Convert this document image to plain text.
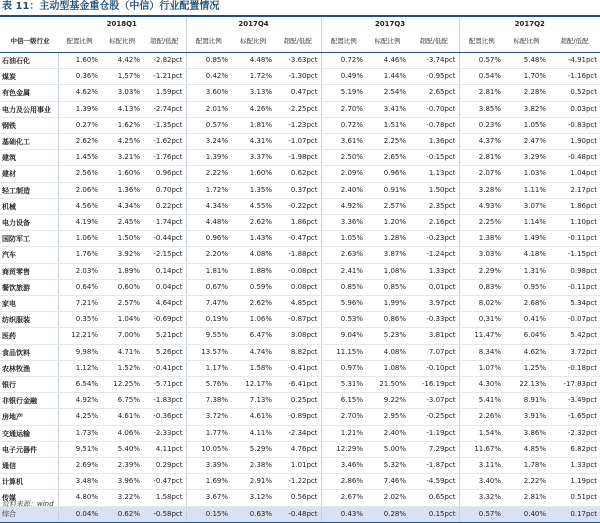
表 11：主动型基金重仓股（中信）行业配置情况
	2018Q1			2017Q4			2017Q3			2017Q2		
中信一级行业	配置比例	标配比例	超配/低配	配置比例	标配比例	超配/低配	配置比例	标配比例	超配/低配	配置比例	标配比例	超配/低配
石油石化	1.60%	4.42%	-2.82pct	0.85%	4.48%	-3.63pct	0.72%	4.46%	-3.74pct	0.57%	5.48%	-4.91pct
煤炭	0.36%	1.57%	-1.21pct	0.42%	1.72%	-1.30pct	0.49%	1.44%	-0.95pct	0.54%	1.70%	-1.16pct
有色金属	4.62%	3.03%	1.59pct	3.60%	3.13%	0.47pct	5.19%	2.54%	2.65pct	2.81%	2.28%	0.52pct
电力及公用事业	1.39%	4.13%	-2.74pct	2.01%	4.26%	-2.25pct	2.70%	3.41%	-0.70pct	3.85%	3.82%	0.03pct
钢铁	0.27%	1.62%	-1.35pct	0.57%	1.81%	-1.23pct	0.72%	1.51%	-0.78pct	0.23%	1.05%	-0.83pct
基础化工	2.62%	4.25%	-1.62pct	3.24%	4.31%	-1.07pct	3.61%	2.25%	1.36pct	4.37%	2.47%	1.90pct
建筑	1.45%	3.21%	-1.76pct	1.39%	3.37%	-1.98pct	2.50%	2.65%	-0.15pct	2.81%	3.29%	-0.48pct
建材	2.56%	1.60%	0.96pct	2.22%	1.60%	0.62pct	2.09%	0.96%	1.13pct	2.07%	1.03%	1.04pct
轻工制造	2.06%	1.36%	0.70pct	1.72%	1.35%	0.37pct	2.40%	0.91%	1.50pct	3.28%	1.11%	2.17pct
机械	4.56%	4.34%	0.22pct	4.34%	4.55%	-0.22pct	4.92%	2.57%	2.35pct	4.93%	3.07%	1.86pct
电力设备	4.19%	2.45%	1.74pct	4.48%	2.62%	1.86pct	3.36%	1.20%	2.16pct	2.25%	1.14%	1.10pct
国防军工	1.06%	1.50%	-0.44pct	0.96%	1.43%	-0.47pct	1.05%	1.28%	-0.23pct	1.38%	1.49%	-0.11pct
汽车	1.76%	3.92%	-2.15pct	2.20%	4.08%	-1.88pct	2.63%	3.87%	-1.24pct	3.03%	4.18%	-1.15pct
商贸零售	2.03%	1.89%	0.14pct	1.81%	1.88%	-0.08pct	2.41%	1.08%	1.33pct	2.29%	1.31%	0.98pct
餐饮旅游	0.64%	0.60%	0.04pct	0.67%	0.59%	0.08pct	0.85%	0.85%	0.01pct	0.83%	0.95%	-0.11pct
家电	7.21%	2.57%	4.64pct	7.47%	2.62%	4.85pct	5.96%	1.99%	3.97pct	8.02%	2.68%	5.34pct
纺织服装	0.35%	1.04%	-0.69pct	0.19%	1.06%	-0.87pct	0.53%	0.86%	-0.33pct	0.31%	0.41%	-0.07pct
医药	12.21%	7.00%	5.21pct	9.55%	6.47%	3.08pct	9.04%	5.23%	3.81pct	11.47%	6.04%	5.42pct
食品饮料	9.98%	4.71%	5.26pct	13.57%	4.74%	8.82pct	11.15%	4.08%	7.07pct	8.34%	4.62%	3.72pct
农林牧渔	1.12%	1.52%	-0.41pct	1.17%	1.58%	-0.41pct	0.97%	1.08%	-0.10pct	1.07%	1.25%	-0.18pct
银行	6.54%	12.25%	-5.71pct	5.76%	12.17%	-6.41pct	5.31%	21.50%	-16.19pct	4.30%	22.13%	-17.83pct
非银行金融	4.92%	6.75%	-1.83pct	7.38%	7.13%	0.25pct	6.15%	9.22%	-3.07pct	5.41%	8.91%	-3.49pct
房地产	4.25%	4.61%	-0.36pct	3.72%	4.61%	-0.89pct	2.70%	2.95%	-0.25pct	2.26%	3.91%	-1.65pct
交通运输	1.73%	4.06%	-2.33pct	1.77%	4.11%	-2.34pct	1.21%	2.40%	-1.19pct	1.54%	3.86%	-2.32pct
电子元器件	9.51%	5.40%	4.11pct	10.05%	5.29%	4.76pct	12.29%	5.00%	7.29pct	11.67%	4.85%	6.82pct
通信	2.69%	2.39%	0.29pct	3.39%	2.38%	1.01pct	3.46%	5.32%	-1.87pct	3.11%	1.78%	1.33pct
计算机	3.48%	3.96%	-0.47pct	1.69%	2.91%	-1.22pct	2.86%	7.46%	-4.59pct	3.40%	2.22%	1.19pct
传媒	4.80%	3.22%	1.58pct	3.67%	3.12%	0.56pct	2.67%	2.02%	0.65pct	3.32%	2.81%	0.51pct
综合	0.04%	0.62%	-0.58pct	0.15%	0.63%	-0.48pct	0.43%	0.28%	0.15pct	0.57%	0.40%	0.17pct
资料来源：wind
